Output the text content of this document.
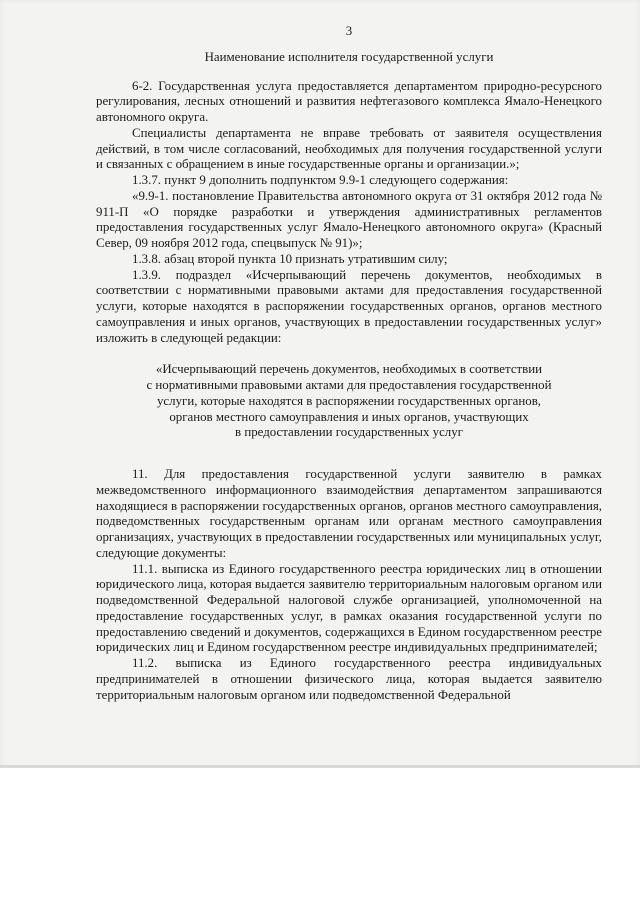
3
Наименование исполнителя государственной услуги

6-2. Государственная услуга предоставляется департаментом природно-ресурсного регулирования, лесных отношений и развития нефтегазового комплекса Ямало-Ненецкого автономного округа.

Специалисты департамента не вправе требовать от заявителя осуществления действий, в том числе согласований, необходимых для получения государственной услуги и связанных с обращением в иные государственные органы и организации.»;

1.3.7. пункт 9 дополнить подпунктом 9.9-1 следующего содержания:

«9.9-1. постановление Правительства автономного округа от 31 октября 2012 года № 911-П «О порядке разработки и утверждения административных регламентов предоставления государственных услуг Ямало-Ненецкого автономного округа» (Красный Север, 09 ноября 2012 года, спецвыпуск № 91)»;

1.3.8. абзац второй пункта 10 признать утратившим силу;

1.3.9. подраздел «Исчерпывающий перечень документов, необходимых в соответствии с нормативными правовыми актами для предоставления государственной услуги, которые находятся в распоряжении государственных органов, органов местного самоуправления и иных органов, участвующих в предоставлении государственных услуг» изложить в следующей редакции:

«Исчерпывающий перечень документов, необходимых в соответствии
с нормативными правовыми актами для предоставления государственной
услуги, которые находятся в распоряжении государственных органов,
органов местного самоуправления и иных органов, участвующих
в предоставлении государственных услуг

11. Для предоставления государственной услуги заявителю в рамках межведомственного информационного взаимодействия департаментом запрашиваются находящиеся в распоряжении государственных органов, органов местного самоуправления, подведомственных государственным органам или органам местного самоуправления организациях, участвующих в предоставлении государственных или муниципальных услуг, следующие документы:

11.1. выписка из Единого государственного реестра юридических лиц в отношении юридического лица, которая выдается заявителю территориальным налоговым органом или подведомственной Федеральной налоговой службе организацией, уполномоченной на предоставление государственных услуг, в рамках оказания государственной услуги по предоставлению сведений и документов, содержащихся в Едином государственном реестре юридических лиц и Едином государственном реестре индивидуальных предпринимателей;

11.2. выписка из Единого государственного реестра индивидуальных предпринимателей в отношении физического лица, которая выдается заявителю территориальным налоговым органом или подведомственной Федеральной
